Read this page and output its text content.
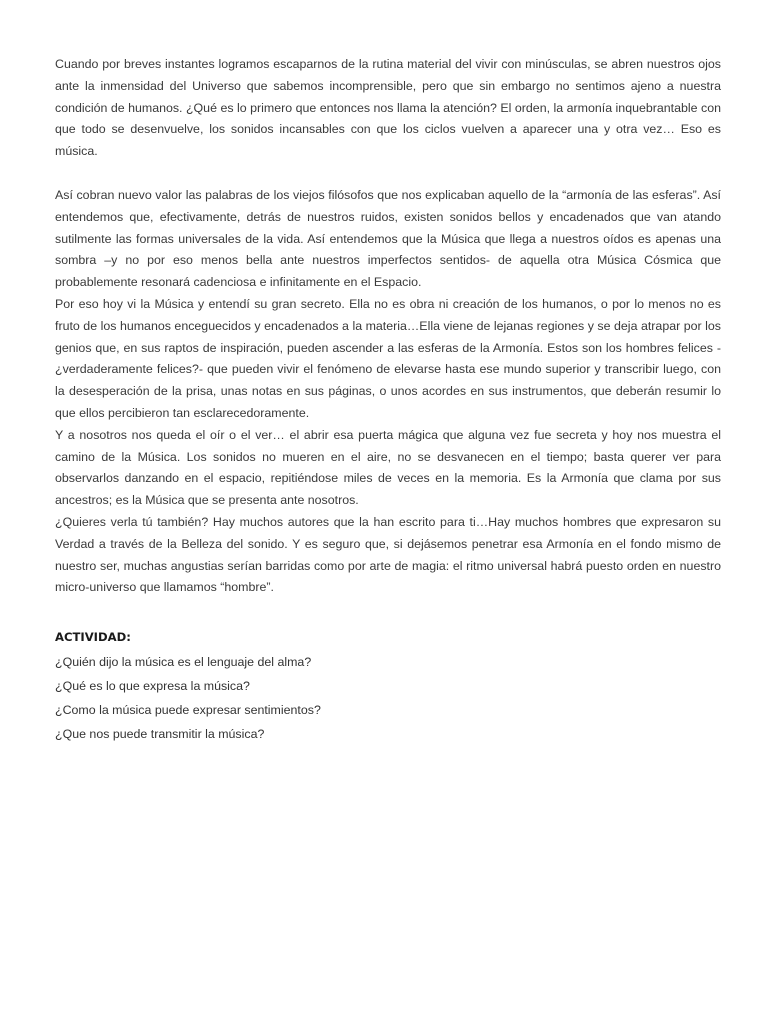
Cuando por breves instantes logramos escaparnos de la rutina material del vivir con minúsculas, se abren nuestros ojos ante la inmensidad del Universo que sabemos incomprensible, pero que sin embargo no sentimos ajeno a nuestra condición de humanos. ¿Qué es lo primero que entonces nos llama la atención? El orden, la armonía inquebrantable con que todo se desenvuelve, los sonidos incansables con que los ciclos vuelven a aparecer una y otra vez… Eso es música.

Así cobran nuevo valor las palabras de los viejos filósofos que nos explicaban aquello de la “armonía de las esferas”. Así entendemos que, efectivamente, detrás de nuestros ruidos, existen sonidos bellos y encadenados que van atando sutilmente las formas universales de la vida. Así entendemos que la Música que llega a nuestros oídos es apenas una sombra –y no por eso menos bella ante nuestros imperfectos sentidos- de aquella otra Música Cósmica que probablemente resonará cadenciosa e infinitamente en el Espacio.

Por eso hoy vi la Música y entendí su gran secreto. Ella no es obra ni creación de los humanos, o por lo menos no es fruto de los humanos enceguecidos y encadenados a la materia…Ella viene de lejanas regiones y se deja atrapar por los genios que, en sus raptos de inspiración, pueden ascender a las esferas de la Armonía. Estos son los hombres felices -¿verdaderamente felices?- que pueden vivir el fenómeno de elevarse hasta ese mundo superior y transcribir luego, con la desesperación de la prisa, unas notas en sus páginas, o unos acordes en sus instrumentos, que deberán resumir lo que ellos percibieron tan esclarecedoramente.

Y a nosotros nos queda el oír o el ver… el abrir esa puerta mágica que alguna vez fue secreta y hoy nos muestra el camino de la Música. Los sonidos no mueren en el aire, no se desvanecen en el tiempo; basta querer ver para observarlos danzando en el espacio, repitiéndose miles de veces en la memoria. Es la Armonía que clama por sus ancestros; es la Música que se presenta ante nosotros.

¿Quieres verla tú también? Hay muchos autores que la han escrito para ti…Hay muchos hombres que expresaron su Verdad a través de la Belleza del sonido. Y es seguro que, si dejásemos penetrar esa Armonía en el fondo mismo de nuestro ser, muchas angustias serían barridas como por arte de magia: el ritmo universal habrá puesto orden en nuestro micro-universo que llamamos “hombre”.

ACTIVIDAD:
¿Quién dijo la música es el lenguaje del alma?
¿Qué es lo que expresa la música?
¿Como la música puede expresar sentimientos?
¿Que nos puede transmitir la música?
